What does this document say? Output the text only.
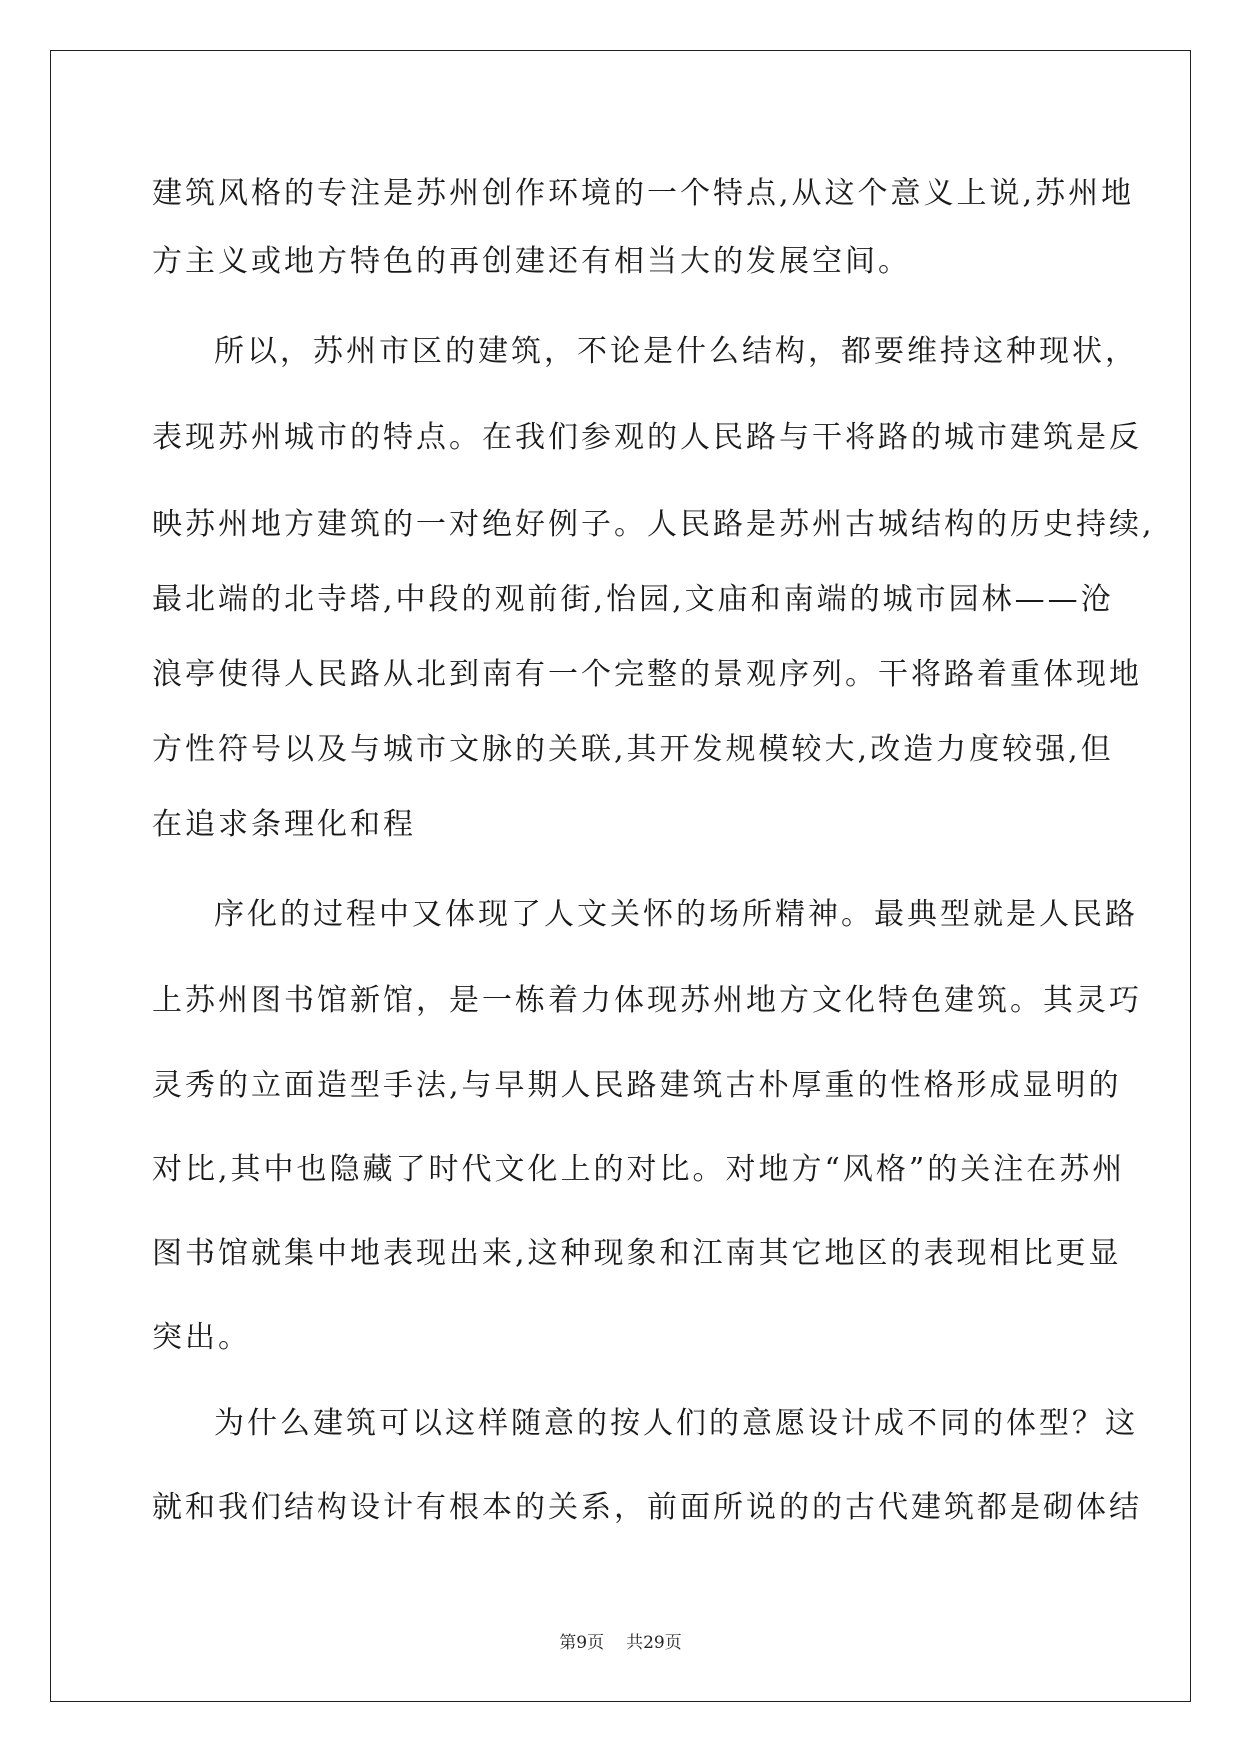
建筑风格的专注是苏州创作环境的一个特点,从这个意义上说,苏州地
方主义或地方特色的再创建还有相当大的发展空间。
所以，苏州市区的建筑，不论是什么结构，都要维持这种现状，
表现苏州城市的特点。在我们参观的人民路与干将路的城市建筑是反
映苏州地方建筑的一对绝好例子。人民路是苏州古城结构的历史持续,
最北端的北寺塔,中段的观前街,怡园,文庙和南端的城市园林——沧
浪亭使得人民路从北到南有一个完整的景观序列。干将路着重体现地
方性符号以及与城市文脉的关联,其开发规模较大,改造力度较强,但
在追求条理化和程
序化的过程中又体现了人文关怀的场所精神。最典型就是人民路
上苏州图书馆新馆，是一栋着力体现苏州地方文化特色建筑。其灵巧
灵秀的立面造型手法,与早期人民路建筑古朴厚重的性格形成显明的
对比,其中也隐藏了时代文化上的对比。对地方“风格”的关注在苏州
图书馆就集中地表现出来,这种现象和江南其它地区的表现相比更显
突出。
为什么建筑可以这样随意的按人们的意愿设计成不同的体型？这
就和我们结构设计有根本的关系，前面所说的的古代建筑都是砌体结
第9页 共29页
